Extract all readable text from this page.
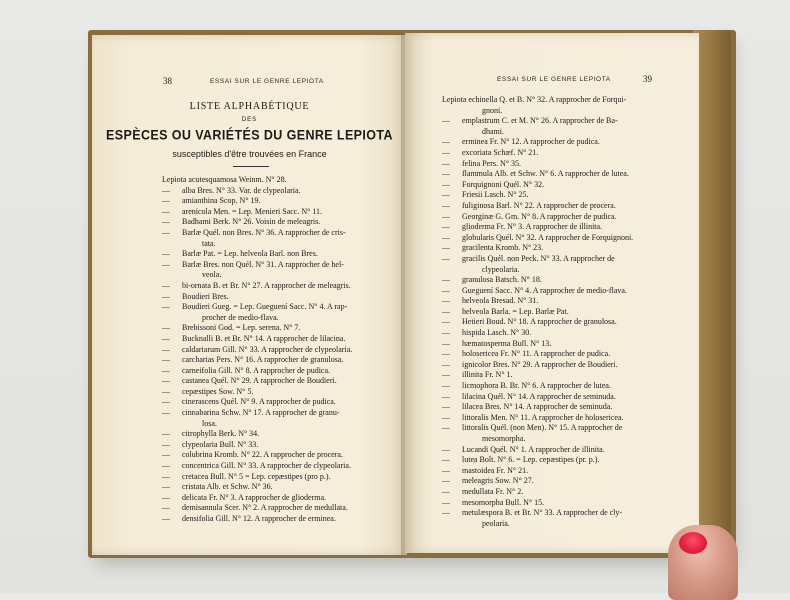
38	ESSAI SUR LE GENRE LEPIOTA
LISTE ALPHABÉTIQUE
DES
ESPÈCES OU VARIÉTÉS DU GENRE LEPIOTA
susceptibles d'être trouvées en France
Lepiota acutesquamosa Weinm. N° 28.
— alba Bres. N° 33. Var. de clypeolaria.
— amianthina Scop. N° 19.
— arenicola Men. = Lep. Menieri Sacc. N° 11.
— Badhami Berk. N° 26. Voisin de meleagris.
— Barlæ Quél. non Bres. N° 36. A rapprocher de cris-
tata.
— Barlæ Pat. = Lep. helveola Barl. non Bres.
— Barlæ Bres. non Quél. N° 31. A rapprocher de hel-
veola.
— bi-ornata B. et Br. N° 27. A rapprocher de meleagris.
— Boudieri Bres.
— Boudieri Gueg. = Lep. Gueguení Sacc. N° 4. A rap-
procher de medio-flava.
— Brebissoni God. = Lep. serena. N° 7.
— Bucknalli B. et Br. N° 14. A rapprocher de lilacina.
— caldariarum Gill. N° 33. A rapprocher de clypeolaria.
— carcharias Pers. N° 16. A rapprocher de granulosa.
— carneifolia Gill. N° 8. A rapprocher de pudica.
— castanea Quél. N° 29. A rapprocher de Boudieri.
— cepæstipes Sow. N° 5.
— cinerascens Quél. N° 9. A rapprocher de pudica.
— cinnabarina Schw. N° 17. A rapprocher de granu-
losa.
— citrophylla Berk. N° 34.
— clypeolaria Bull. N° 33.
— colubrina Kromb. N° 22. A rapprocher de procera.
— concentrica Gill. N° 33. A rapprocher de clypeolaria.
— cretacea Bull. N° 5 = Lep. cepæstipes (pro p.).
— cristata Alb. et Schw. N° 36.
— delicata Fr. N° 3. A rapprocher de glioderma.
— demisannula Scer. N° 2. A rapprocher de medullata.
— densifolia Gill. N° 12. A rapprocher de erminea.
ESSAI SUR LE GENRE LEPIOTA	39
Lepiota echinella Q. et B. N° 32. A rapprocher de Forqui-
gnoni.
— emplastrum C. et M. N° 26. A rapprocher de Ba-
dhami.
— erminea Fr. N° 12. A rapprocher de pudica.
— excoriata Schæf. N° 21.
— felina Pers. N° 35.
— flammula Alb. et Schw. N° 6. A rapprocher de lutea.
— Forquignoni Quél. N° 32.
— Friesii Lasch. N° 25.
— fuliginosa Barl. N° 22. A rapprocher de procera.
— Georginæ G. Gm. N° 8. A rapprocher de pudica.
— glioderma Fr. N° 3. A rapprocher de illinita.
— globularis Quél. N° 32. A rapprocher de Forquignoni.
— gracilenta Kromb. N° 23.
— gracilis Quél. non Peck. N° 33. A rapprocher de
clypeolaria.
— granulosa Batsch. N° 18.
— Gueguení Sacc. N° 4. A rapprocher de medio-flava.
— helveola Bresad. N° 31.
— helveola Barla. = Lep. Barlæ Pat.
— Hetieri Boud. N° 18. A rapprocher de granulosa.
— hispida Lasch. N° 30.
— hæmatosperma Bull. N° 13.
— holosericea Fr. N° 11. A rapprocher de pudica.
— ignicolor Bres. N° 29. A rapprocher de Boudieri.
— illinita Fr. N° 1.
— licmophora B. Br. N° 6. A rapprocher de lutea.
— lilacina Quél. N° 14. A rapprocher de seminuda.
— lilacea Bres. N° 14. A rapprocher de seminuda.
— littoralis Men. N° 11. A rapprocher de holosericea.
— littoralis Quél. (non Men). N° 15. A rapprocher de
mesomorpha.
— Lucandi Quél. N° 1. A rapprocher de illinita.
— lutea Bolt. N° 6. = Lep. cepæstipes (pr. p.).
— mastoidea Fr. N° 21.
— meleagris Sow. N° 27.
— medullata Fr. N° 2.
— mesomorpha Bull. N° 15.
— metulæspora B. et Br. N° 33. A rapprocher de cly-
peolaria.
